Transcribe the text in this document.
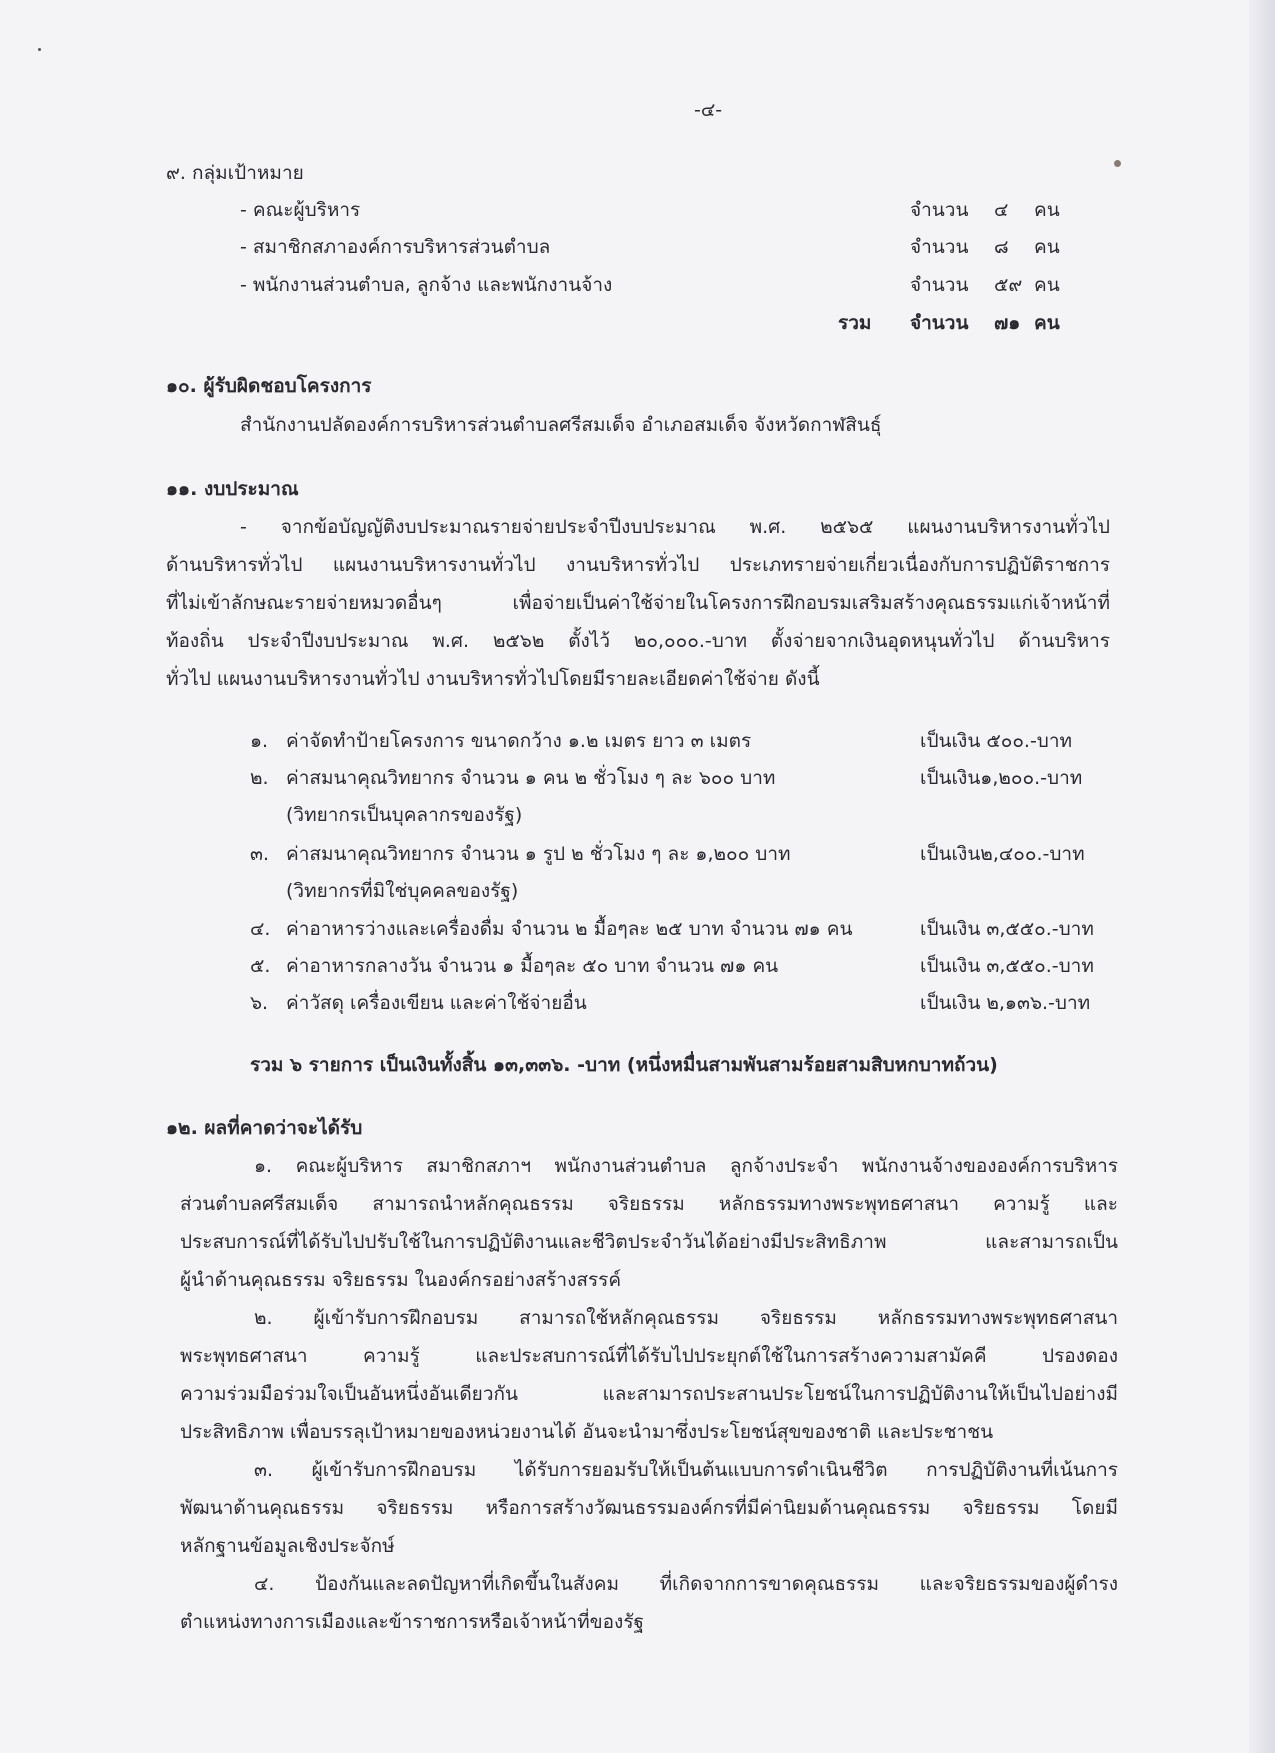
-๔-
๙. กลุ่มเป้าหมาย
- คณะผู้บริหาร	จำนวน ๔ คน
- สมาชิกสภาองค์การบริหารส่วนตำบล	จำนวน ๘ คน
- พนักงานส่วนตำบล, ลูกจ้าง และพนักงานจ้าง	จำนวน ๕๙ คน
รวม จำนวน ๗๑ คน
๑๐. ผู้รับผิดชอบโครงการ
สำนักงานปลัดองค์การบริหารส่วนตำบลศรีสมเด็จ อำเภอสมเด็จ จังหวัดกาฬสินธุ์
๑๑. งบประมาณ
- จากข้อบัญญัติงบประมาณรายจ่ายประจำปีงบประมาณ พ.ศ. ๒๕๖๕ แผนงานบริหารงานทั่วไป
ด้านบริหารทั่วไป แผนงานบริหารงานทั่วไป งานบริหารทั่วไป ประเภทรายจ่ายเกี่ยวเนื่องกับการปฏิบัติราชการ
ที่ไม่เข้าลักษณะรายจ่ายหมวดอื่นๆ เพื่อจ่ายเป็นค่าใช้จ่ายในโครงการฝึกอบรมเสริมสร้างคุณธรรมแก่เจ้าหน้าที่
ท้องถิ่น ประจำปีงบประมาณ พ.ศ. ๒๕๖๒ ตั้งไว้ ๒๐,๐๐๐.-บาท ตั้งจ่ายจากเงินอุดหนุนทั่วไป ด้านบริหาร
ทั่วไป แผนงานบริหารงานทั่วไป งานบริหารทั่วไปโดยมีรายละเอียดค่าใช้จ่าย ดังนี้
๑. ค่าจัดทำป้ายโครงการ ขนาดกว้าง ๑.๒ เมตร ยาว ๓ เมตร	เป็นเงิน ๕๐๐.-บาท
๒. ค่าสมนาคุณวิทยากร จำนวน ๑ คน ๒ ชั่วโมง ๆ ละ ๖๐๐ บาท	เป็นเงิน๑,๒๐๐.-บาท
(วิทยากรเป็นบุคลากรของรัฐ)
๓. ค่าสมนาคุณวิทยากร จำนวน ๑ รูป ๒ ชั่วโมง ๆ ละ ๑,๒๐๐ บาท	เป็นเงิน๒,๔๐๐.-บาท
(วิทยากรที่มิใช่บุคคลของรัฐ)
๔. ค่าอาหารว่างและเครื่องดื่ม จำนวน ๒ มื้อๆละ ๒๕ บาท จำนวน ๗๑ คน	เป็นเงิน ๓,๕๕๐.-บาท
๕. ค่าอาหารกลางวัน จำนวน ๑ มื้อๆละ ๕๐ บาท จำนวน ๗๑ คน	เป็นเงิน ๓,๕๕๐.-บาท
๖. ค่าวัสดุ เครื่องเขียน และค่าใช้จ่ายอื่น	เป็นเงิน ๒,๑๓๖.-บาท
รวม ๖ รายการ เป็นเงินทั้งสิ้น ๑๓,๓๓๖. -บาท (หนึ่งหมื่นสามพันสามร้อยสามสิบหกบาทถ้วน)
๑๒. ผลที่คาดว่าจะได้รับ
๑. คณะผู้บริหาร สมาชิกสภาฯ พนักงานส่วนตำบล ลูกจ้างประจำ พนักงานจ้างขององค์การบริหาร
ส่วนตำบลศรีสมเด็จ สามารถนำหลักคุณธรรม จริยธรรม หลักธรรมทางพระพุทธศาสนา ความรู้ และ
ประสบการณ์ที่ได้รับไปปรับใช้ในการปฏิบัติงานและชีวิตประจำวันได้อย่างมีประสิทธิภาพ และสามารถเป็น
ผู้นำด้านคุณธรรม จริยธรรม ในองค์กรอย่างสร้างสรรค์
๒. ผู้เข้ารับการฝึกอบรม สามารถใช้หลักคุณธรรม จริยธรรม หลักธรรมทางพระพุทธศาสนา
พระพุทธศาสนา ความรู้ และประสบการณ์ที่ได้รับไปประยุกต์ใช้ในการสร้างความสามัคคี ปรองดอง
ความร่วมมือร่วมใจเป็นอันหนึ่งอันเดียวกัน และสามารถประสานประโยชน์ในการปฏิบัติงานให้เป็นไปอย่างมี
ประสิทธิภาพ เพื่อบรรลุเป้าหมายของหน่วยงานได้ อันจะนำมาซึ่งประโยชน์สุขของชาติ และประชาชน
๓. ผู้เข้ารับการฝึกอบรม ได้รับการยอมรับให้เป็นต้นแบบการดำเนินชีวิต การปฏิบัติงานที่เน้นการ
พัฒนาด้านคุณธรรม จริยธรรม หรือการสร้างวัฒนธรรมองค์กรที่มีค่านิยมด้านคุณธรรม จริยธรรม โดยมี
หลักฐานข้อมูลเชิงประจักษ์
๔. ป้องกันและลดปัญหาที่เกิดขึ้นในสังคม ที่เกิดจากการขาดคุณธรรม และจริยธรรมของผู้ดำรง
ตำแหน่งทางการเมืองและข้าราชการหรือเจ้าหน้าที่ของรัฐ
